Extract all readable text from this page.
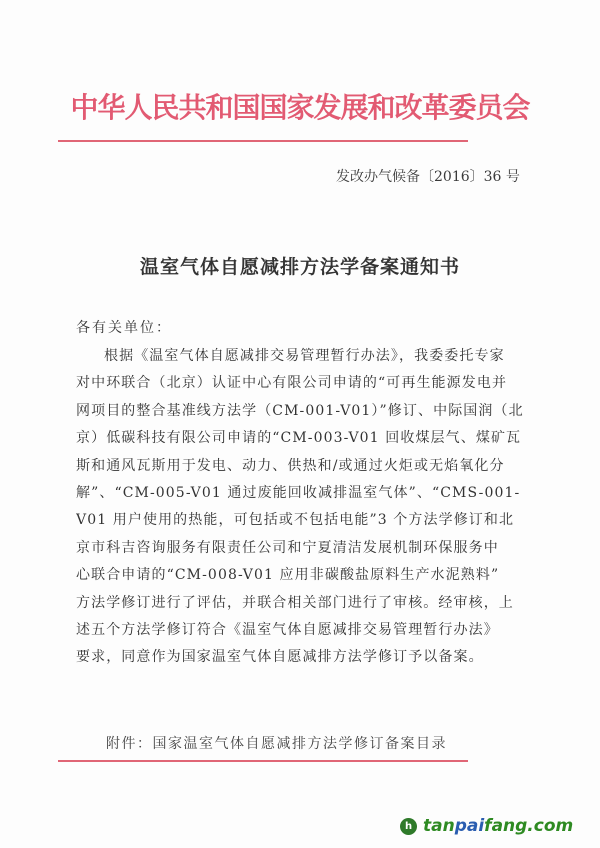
中华人民共和国国家发展和改革委员会
发改办气候备〔2016〕36 号
温室气体自愿减排方法学备案通知书
各有关单位：
根据《温室气体自愿减排交易管理暂行办法》，我委委托专家
对中环联合（北京）认证中心有限公司申请的“可再生能源发电并
网项目的整合基准线方法学（CM-001-V01）”修订、中际国润（北
京）低碳科技有限公司申请的“CM-003-V01 回收煤层气、煤矿瓦
斯和通风瓦斯用于发电、动力、供热和/或通过火炬或无焰氧化分
解”、“CM-005-V01 通过废能回收减排温室气体”、“CMS-001-
V01 用户使用的热能，可包括或不包括电能”3 个方法学修订和北
京市科吉咨询服务有限责任公司和宁夏清洁发展机制环保服务中
心联合申请的“CM-008-V01 应用非碳酸盐原料生产水泥熟料”
方法学修订进行了评估，并联合相关部门进行了审核。经审核，上
述五个方法学修订符合《温室气体自愿减排交易管理暂行办法》
要求，同意作为国家温室气体自愿减排方法学修订予以备案。
附件：国家温室气体自愿减排方法学修订备案目录
h tanpaifang.com
